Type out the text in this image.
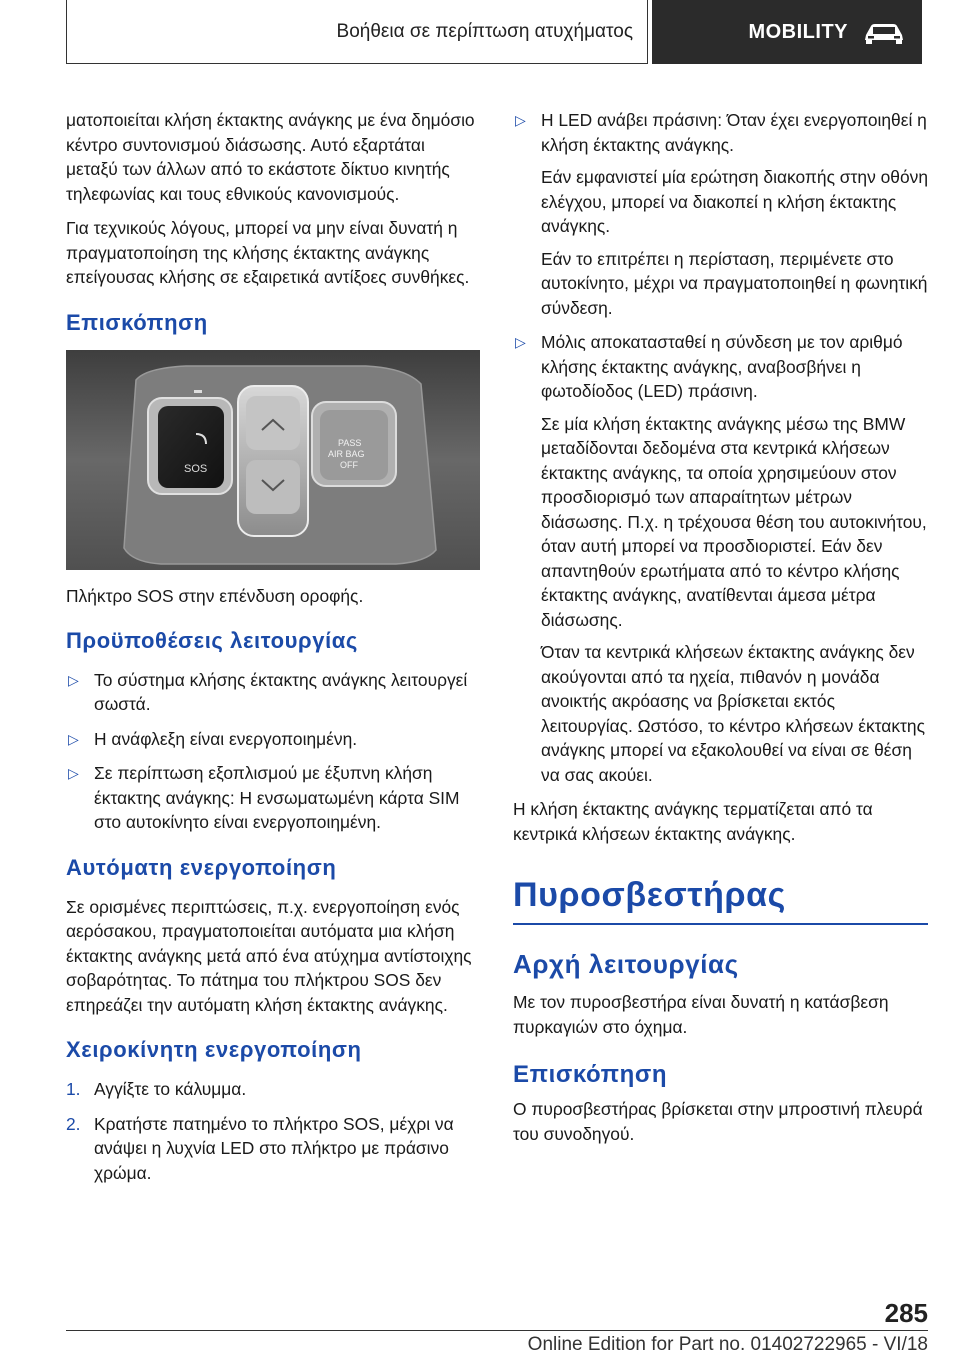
Βοήθεια σε περίπτωση ατυχήματος	MOBILITY

ματοποιείται κλήση έκτακτης ανάγκης με ένα δημόσιο κέντρο συντονισμού διάσωσης. Αυτό εξαρτάται μεταξύ των άλλων από το εκάστοτε δίκτυο κινητής τηλεφωνίας και τους εθνικούς κανονισμούς.

Για τεχνικούς λόγους, μπορεί να μην είναι δυνατή η πραγματοποίηση της κλήσης έκτακτης ανάγκης επείγουσας κλήσης σε εξαιρετικά αντίξοες συνθήκες.

Επισκόπηση
SOS
PASS
AIR BAG
OFF

Πλήκτρο SOS στην επένδυση οροφής.

Προϋποθέσεις λειτουργίας
▷ Το σύστημα κλήσης έκτακτης ανάγκης λειτουργεί σωστά.
▷ Η ανάφλεξη είναι ενεργοποιημένη.
▷ Σε περίπτωση εξοπλισμού με έξυπνη κλήση έκτακτης ανάγκης: Η ενσωματωμένη κάρτα SIM στο αυτοκίνητο είναι ενεργοποιημένη.
Αυτόματη ενεργοποίηση

Σε ορισμένες περιπτώσεις, π.χ. ενεργοποίηση ενός αερόσακου, πραγματοποιείται αυτόματα μια κλήση έκτακτης ανάγκης μετά από ένα ατύχημα αντίστοιχης σοβαρότητας. Το πάτημα του πλήκτρου SOS δεν επηρεάζει την αυτόματη κλήση έκτακτης ανάγκης.

Χειροκίνητη ενεργοποίηση
1. Αγγίξτε το κάλυμμα.
2. Κρατήστε πατημένο το πλήκτρο SOS, μέχρι να ανάψει η λυχνία LED στο πλήκτρο με πράσινο χρώμα.
▷ Η LED ανάβει πράσινη: Όταν έχει ενεργοποιηθεί η κλήση έκτακτης ανάγκης.

Εάν εμφανιστεί μία ερώτηση διακοπής στην οθόνη ελέγχου, μπορεί να διακοπεί η κλήση έκτακτης ανάγκης.

Εάν το επιτρέπει η περίσταση, περιμένετε στο αυτοκίνητο, μέχρι να πραγματοποιηθεί η φωνητική σύνδεση.

▷ Μόλις αποκατασταθεί η σύνδεση με τον αριθμό κλήσης έκτακτης ανάγκης, αναβοσβήνει η φωτοδίοδος (LED) πράσινη.

Σε μία κλήση έκτακτης ανάγκης μέσω της BMW μεταδίδονται δεδομένα στα κεντρικά κλήσεων έκτακτης ανάγκης, τα οποία χρησιμεύουν στον προσδιορισμό των απαραίτητων μέτρων διάσωσης. Π.χ. η τρέχουσα θέση του αυτοκινήτου, όταν αυτή μπορεί να προσδιοριστεί. Εάν δεν απαντηθούν ερωτήματα από το κέντρο κλήσης έκτακτης ανάγκης, ανατίθενται άμεσα μέτρα διάσωσης.

Όταν τα κεντρικά κλήσεων έκτακτης ανάγκης δεν ακούγονται από τα ηχεία, πιθανόν η μονάδα ανοικτής ακρόασης να βρίσκεται εκτός λειτουργίας. Ωστόσο, το κέντρο κλήσεων έκτακτης ανάγκης μπορεί να εξακολουθεί να είναι σε θέση να σας ακούει.

Η κλήση έκτακτης ανάγκης τερματίζεται από τα κεντρικά κλήσεων έκτακτης ανάγκης.

Πυροσβεστήρας
Αρχή λειτουργίας

Με τον πυροσβεστήρα είναι δυνατή η κατάσβεση πυρκαγιών στο όχημα.

Επισκόπηση

Ο πυροσβεστήρας βρίσκεται στην μπροστινή πλευρά του συνοδηγού.

285
Online Edition for Part no. 01402722965 - VI/18
